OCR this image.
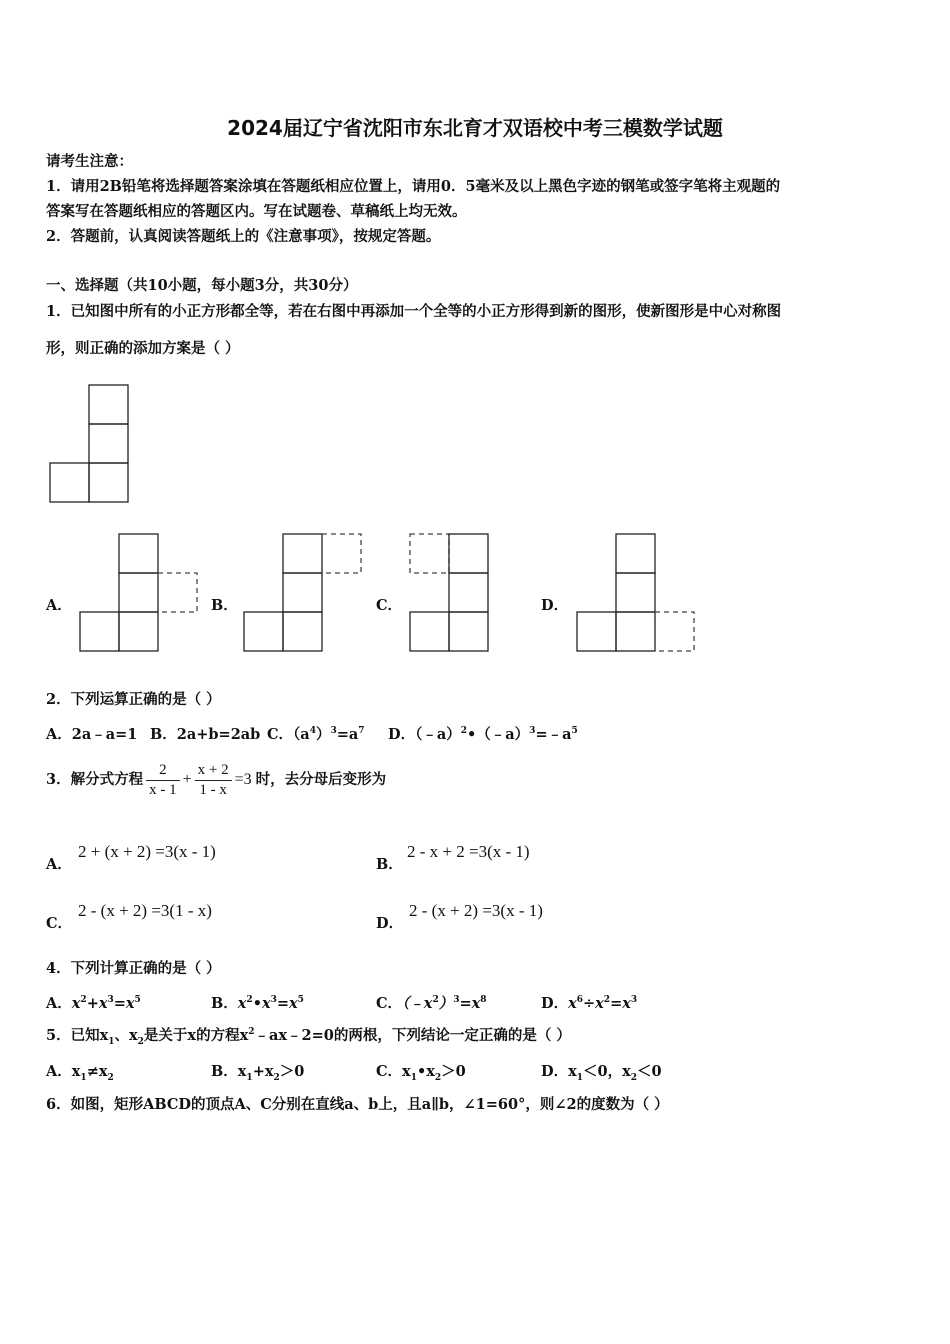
2024届辽宁省沈阳市东北育才双语校中考三模数学试题
请考生注意：
1．请用2B铅笔将选择题答案涂填在答题纸相应位置上，请用0．5毫米及以上黑色字迹的钢笔或签字笔将主观题的
答案写在答题纸相应的答题区内。写在试题卷、草稿纸上均无效。
2．答题前，认真阅读答题纸上的《注意事项》，按规定答题。
一、选择题（共10小题，每小题3分，共30分）
1．已知图中所有的小正方形都全等，若在右图中再添加一个全等的小正方形得到新的图形，使新图形是中心对称图
形，则正确的添加方案是（ ）
A．	B．	C．	D．
2．下列运算正确的是（ ）
A．2a﹣a=1 B．2a+b=2ab C．$(a^4)^3=a^7$ D．$(﹣a)^2•(﹣a)^3=﹣a^5$
3．解分式方程 $\frac{2}{x - 1} + \frac{x + 2}{1 - x} =3$ 时，去分母后变形为
A．
2 + (x + 2) =3(x - 1)
B．
2 - x + 2 =3(x - 1)
C．
2 - (x + 2) =3(1 - x)
D．
2 - (x + 2) =3(x - 1)
4．下列计算正确的是（ ）
A．$x^2+x^3=x^5$	B．$x^2•x^3=x^5$	C．$(﹣x^2)^3=x^8$	D．$x^6\div x^2=x^3$
5．已知$x_1$、$x_2$是关于x的方程$x^2﹣ax﹣2=0$的两根，下列结论一定正确的是（ ）
A．$x_1\ne x_2$	B．$x_1+x_2>0$	C．$x_1•x_2>0$	D．$x_1<0$，$x_2<0$
6．如图，矩形ABCD的顶点A、C分别在直线a、b上，且a∥b，∠1=60°，则∠2的度数为（ ）
